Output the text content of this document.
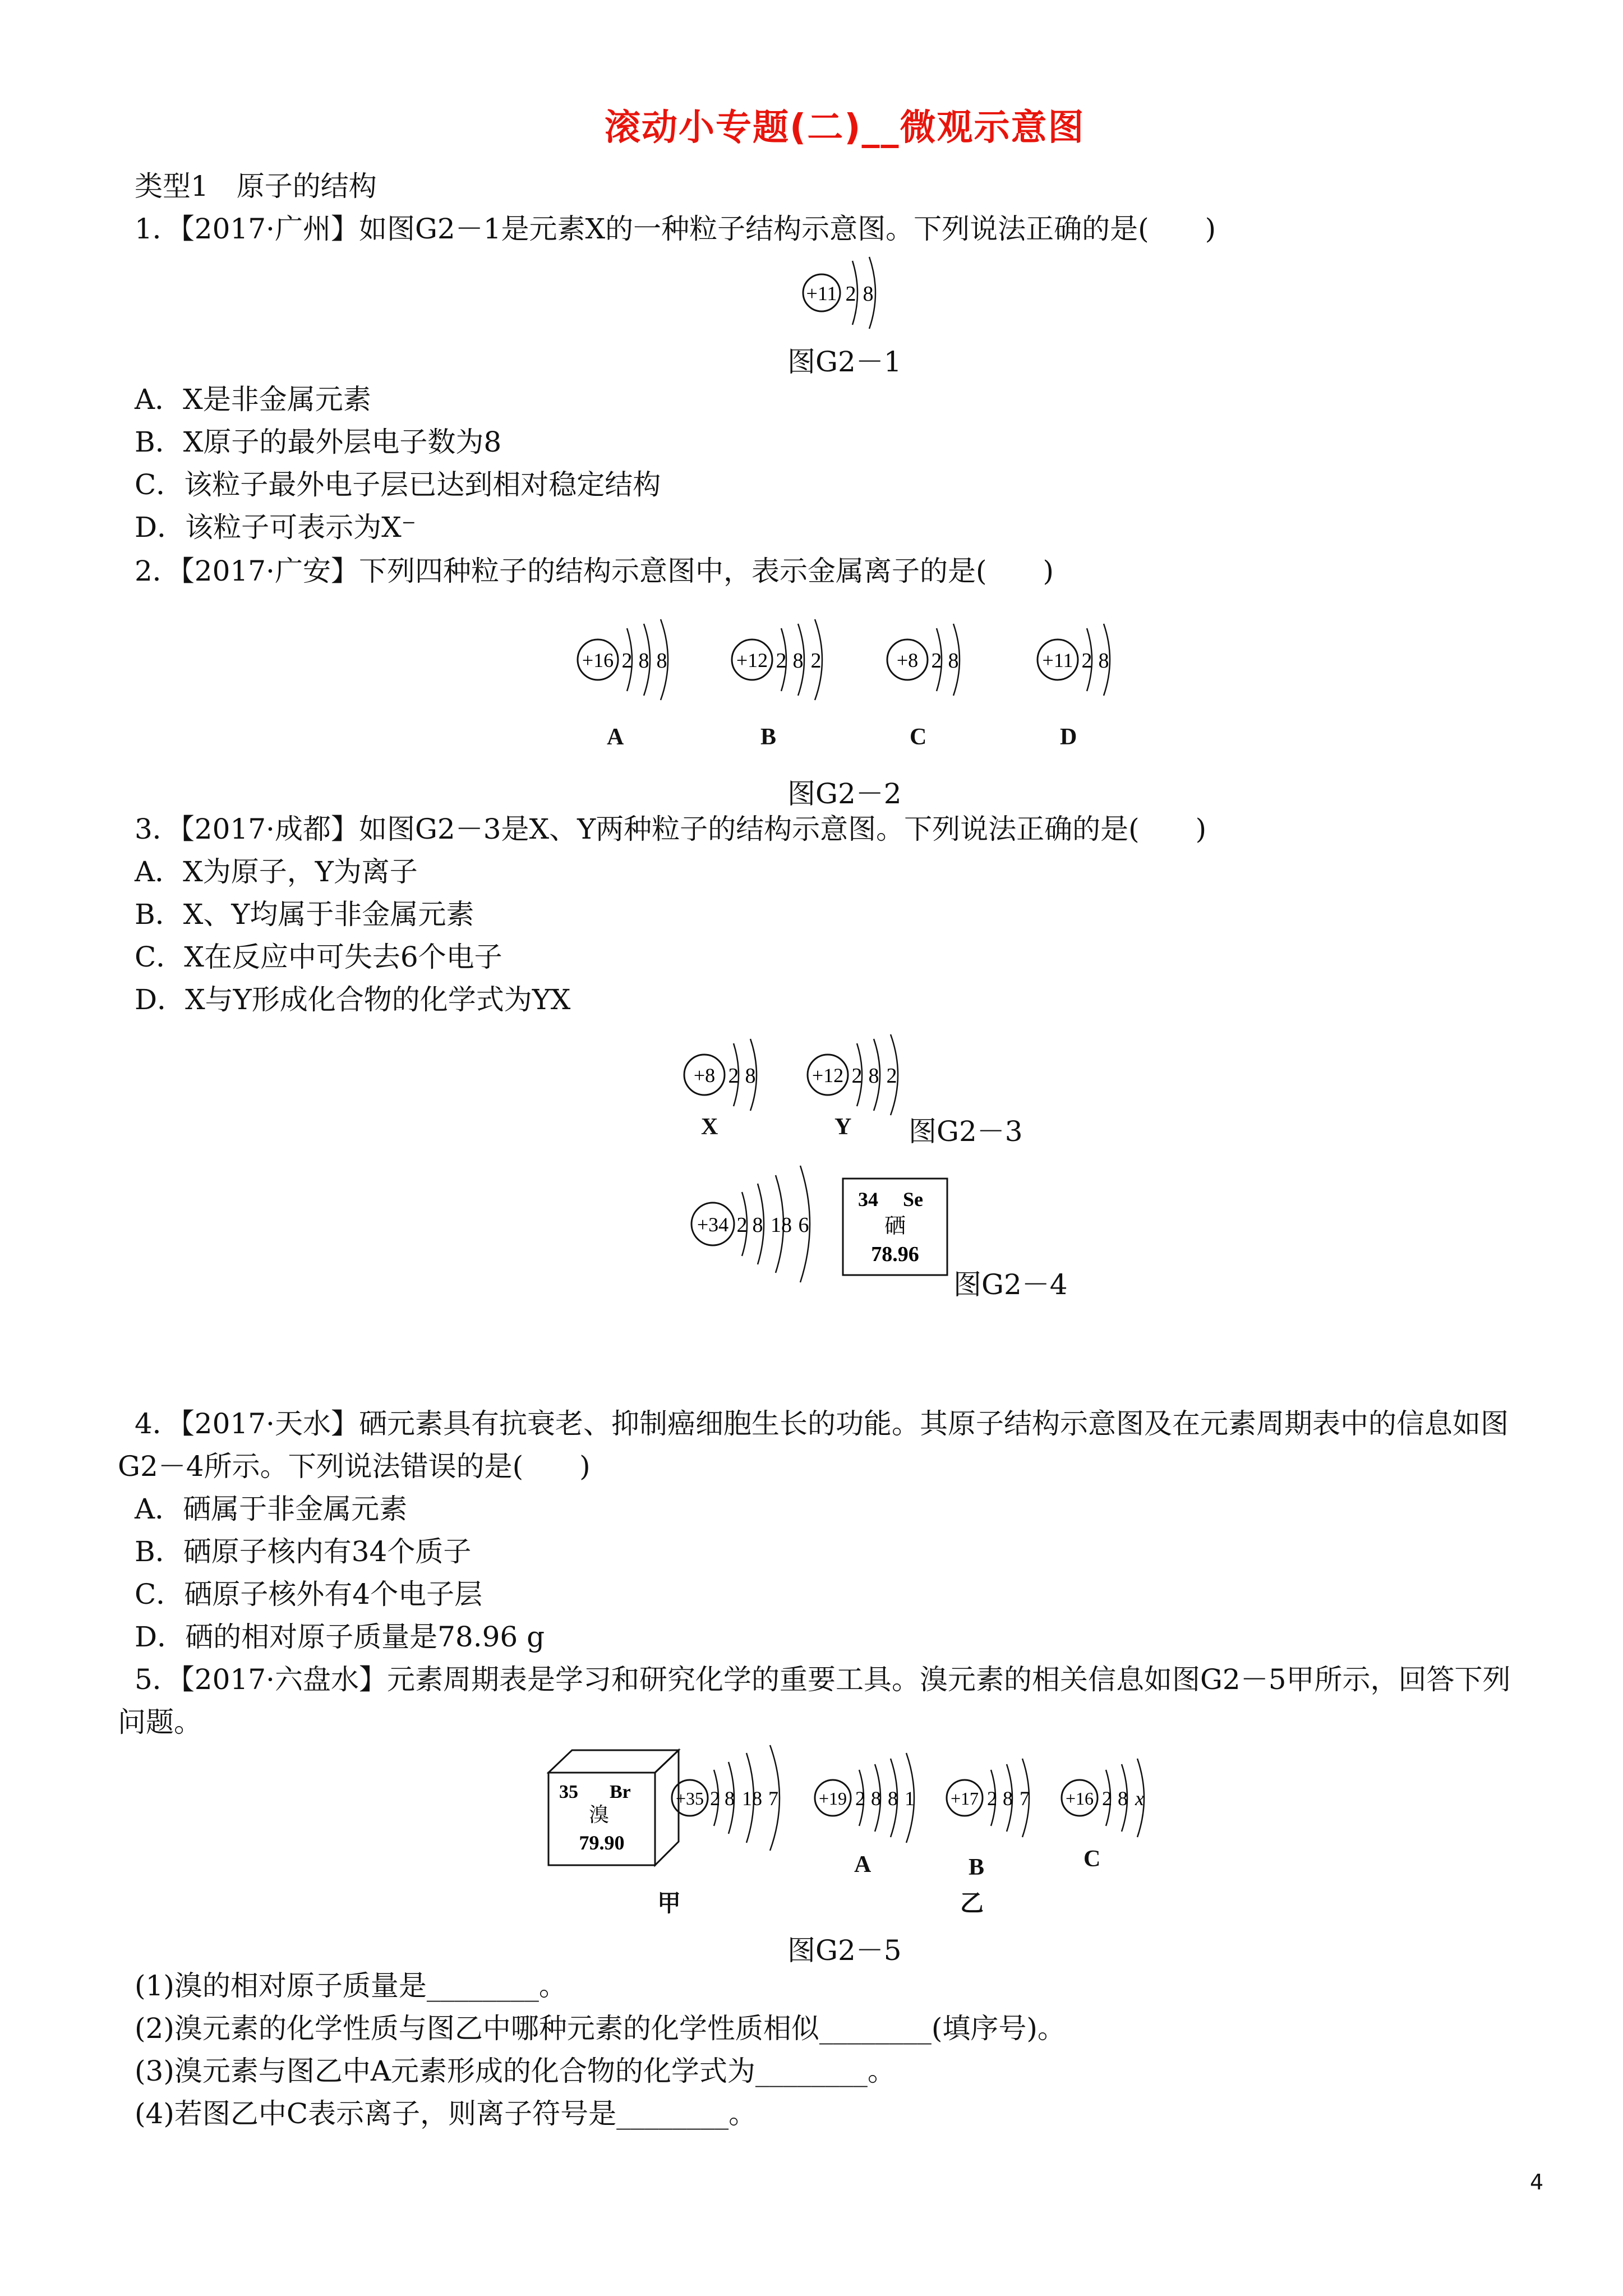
滚动小专题(二)__微观示意图
类型1　原子的结构
1．【2017·广州】如图G2－1是元素X的一种粒子结构示意图。下列说法正确的是(　　)
+11 2 8
图G2－1
A．X是非金属元素
B．X原子的最外层电子数为8
C．该粒子最外电子层已达到相对稳定结构
D．该粒子可表示为X⁻
2．【2017·广安】下列四种粒子的结构示意图中，表示金属离子的是(　　)
+16 2 8 8	+12 2 8 2	+8 2 8	+11 2 8
A	B	C	D
图G2－2
3．【2017·成都】如图G2－3是X、Y两种粒子的结构示意图。下列说法正确的是(　　)
A．X为原子，Y为离子
B．X、Y均属于非金属元素
C．X在反应中可失去6个电子
D．X与Y形成化合物的化学式为YX
+8 2 8	+12 2 8 2
X	Y 图G2－3
+34 2 8 18 6
34 Se
硒
78.96
图G2－4
4．【2017·天水】硒元素具有抗衰老、抑制癌细胞生长的功能。其原子结构示意图及在元素周期表中的信息如图
G2－4所示。下列说法错误的是(　　)
A．硒属于非金属元素
B．硒原子核内有34个质子
C．硒原子核外有4个电子层
D．硒的相对原子质量是78.96 g
5．【2017·六盘水】元素周期表是学习和研究化学的重要工具。溴元素的相关信息如图G2－5甲所示，回答下列
问题。
35 Br
溴
79.90
+35 2 8 18 7 +19 2 8 8 1 +17 2 8 7 +16 2 8 x
A	B	C
甲	乙
图G2－5
(1)溴的相对原子质量是________。
(2)溴元素的化学性质与图乙中哪种元素的化学性质相似________(填序号)。
(3)溴元素与图乙中A元素形成的化合物的化学式为________。
(4)若图乙中C表示离子，则离子符号是________。
4
